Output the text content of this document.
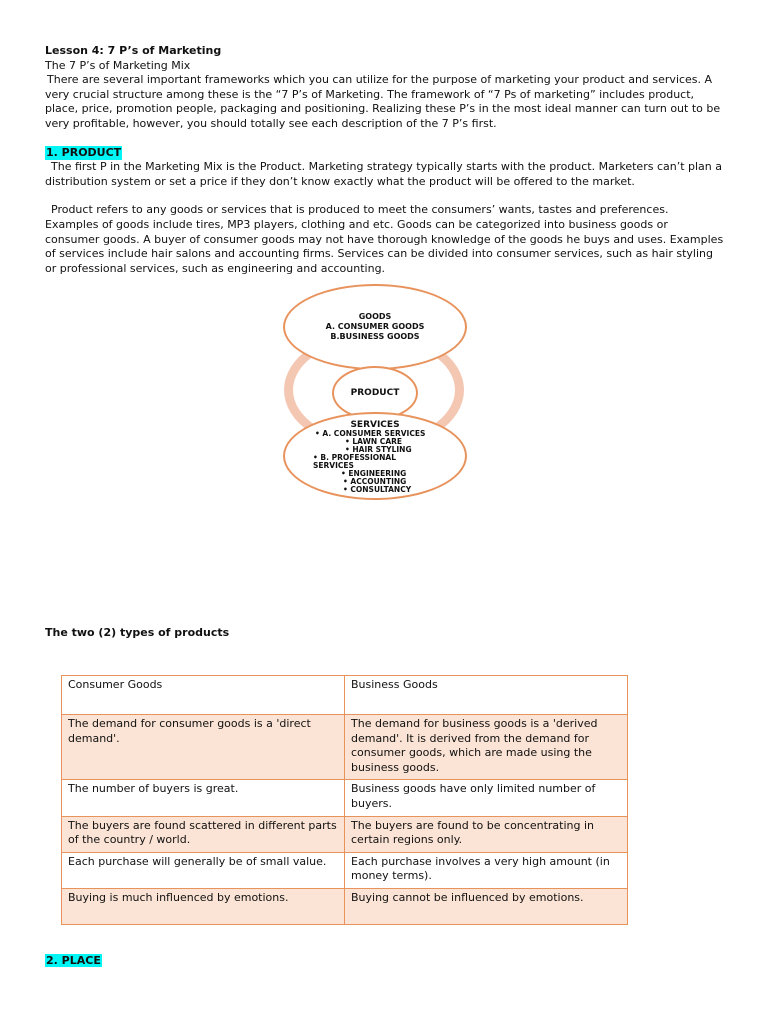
Lesson 4: 7 P’s of Marketing

The 7 P’s of Marketing Mix

There are several important frameworks which you can utilize for the purpose of marketing your product and services. A very crucial structure among these is the “7 P’s of Marketing. The framework of “7 Ps of marketing” includes product, place, price, promotion people, packaging and positioning. Realizing these P’s in the most ideal manner can turn out to be very profitable, however, you should totally see each description of the 7 P’s first.

1. PRODUCT

The first P in the Marketing Mix is the Product. Marketing strategy typically starts with the product. Marketers can’t plan a distribution system or set a price if they don’t know exactly what the product will be offered to the market.

Product refers to any goods or services that is produced to meet the consumers’ wants, tastes and preferences. Examples of goods include tires, MP3 players, clothing and etc. Goods can be categorized into business goods or consumer goods. A buyer of consumer goods may not have thorough knowledge of the goods he buys and uses. Examples of services include hair salons and accounting firms. Services can be divided into consumer services, such as hair styling or professional services, such as engineering and accounting.

GOODS
A. CONSUMER GOODS
B.BUSINESS GOODS
PRODUCT
SERVICES
• A. CONSUMER SERVICES
• LAWN CARE
• HAIR STYLING
• B. PROFESSIONAL SERVICES
• ENGINEERING
• ACCOUNTING
• CONSULTANCY
The two (2) types of products
Consumer Goods	Business Goods
The demand for consumer goods is a 'direct demand'.	The demand for business goods is a 'derived demand'. It is derived from the demand for consumer goods, which are made using the business goods.
The number of buyers is great.	Business goods have only limited number of buyers.
The buyers are found scattered in different parts of the country / world.	The buyers are found to be concentrating in certain regions only.
Each purchase will generally be of small value.	Each purchase involves a very high amount (in money terms).
Buying is much influenced by emotions.	Buying cannot be influenced by emotions.
2. PLACE
